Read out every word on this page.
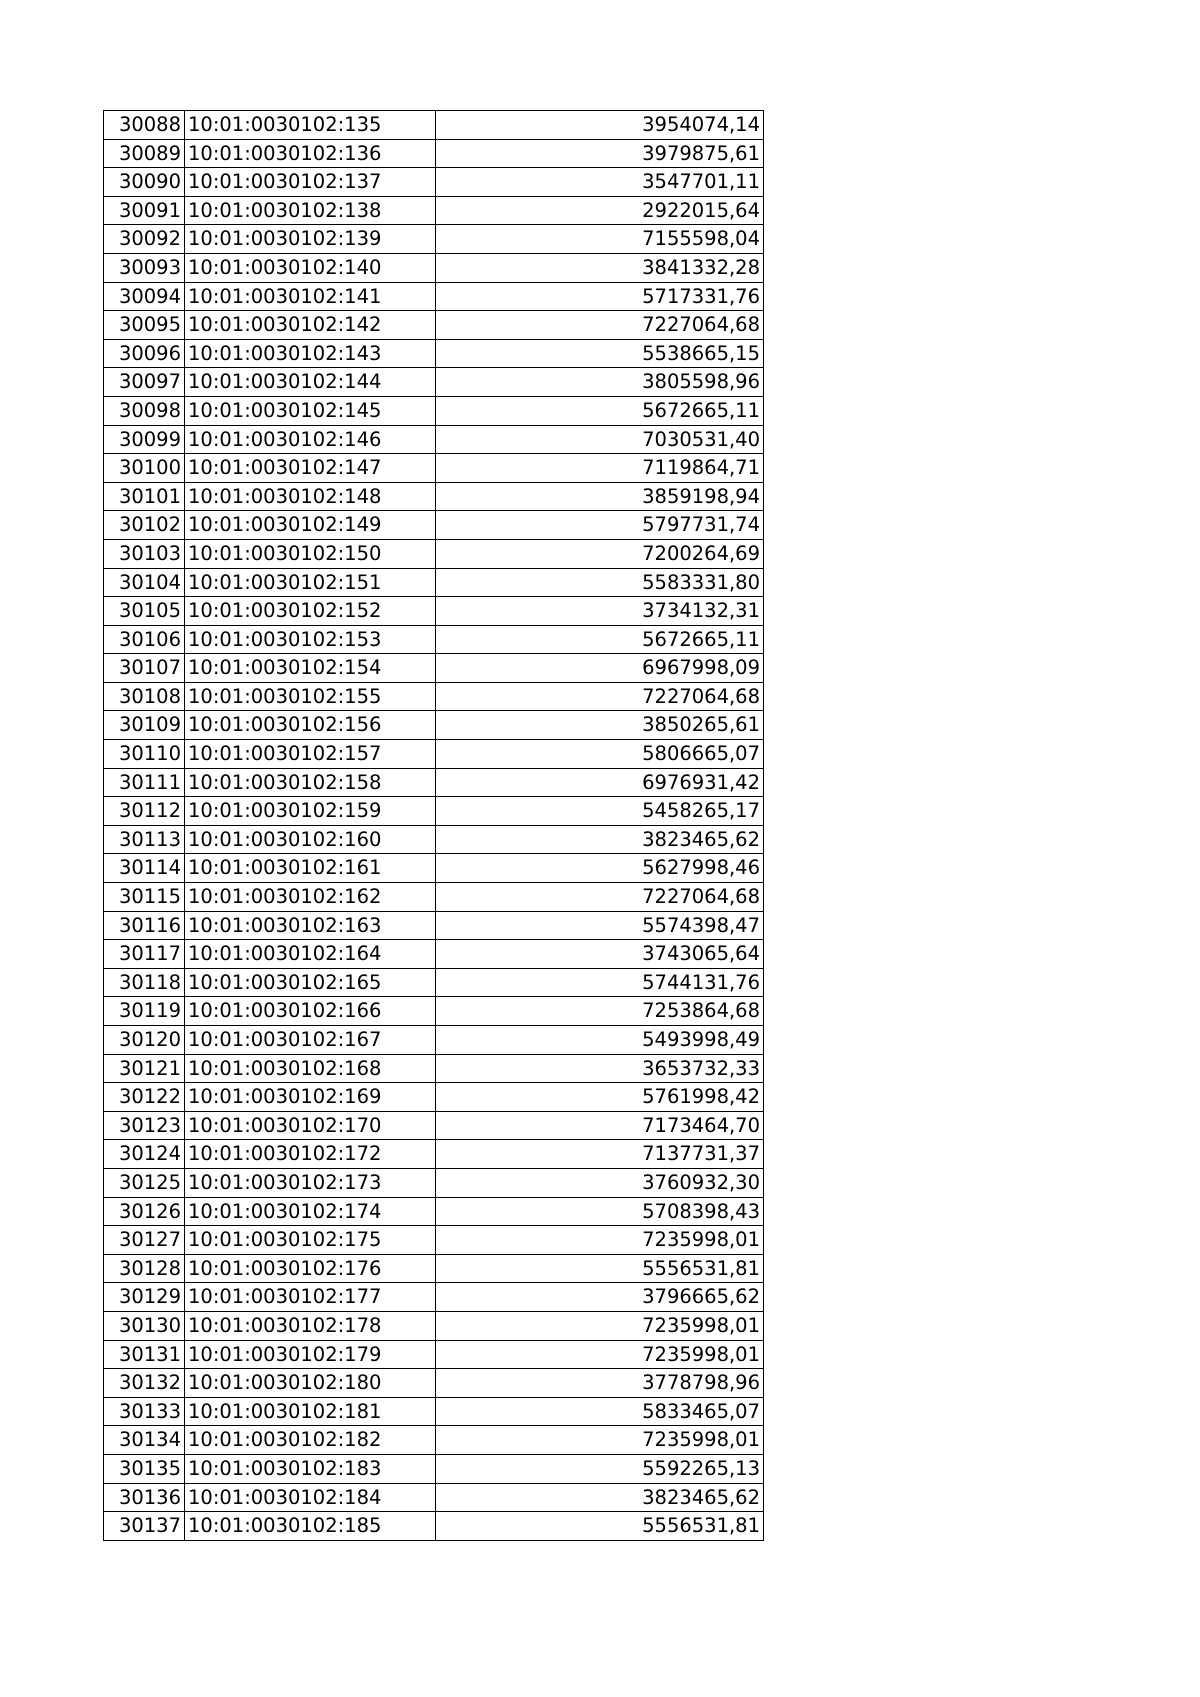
30088	10:01:0030102:135	3954074,14
30089	10:01:0030102:136	3979875,61
30090	10:01:0030102:137	3547701,11
30091	10:01:0030102:138	2922015,64
30092	10:01:0030102:139	7155598,04
30093	10:01:0030102:140	3841332,28
30094	10:01:0030102:141	5717331,76
30095	10:01:0030102:142	7227064,68
30096	10:01:0030102:143	5538665,15
30097	10:01:0030102:144	3805598,96
30098	10:01:0030102:145	5672665,11
30099	10:01:0030102:146	7030531,40
30100	10:01:0030102:147	7119864,71
30101	10:01:0030102:148	3859198,94
30102	10:01:0030102:149	5797731,74
30103	10:01:0030102:150	7200264,69
30104	10:01:0030102:151	5583331,80
30105	10:01:0030102:152	3734132,31
30106	10:01:0030102:153	5672665,11
30107	10:01:0030102:154	6967998,09
30108	10:01:0030102:155	7227064,68
30109	10:01:0030102:156	3850265,61
30110	10:01:0030102:157	5806665,07
30111	10:01:0030102:158	6976931,42
30112	10:01:0030102:159	5458265,17
30113	10:01:0030102:160	3823465,62
30114	10:01:0030102:161	5627998,46
30115	10:01:0030102:162	7227064,68
30116	10:01:0030102:163	5574398,47
30117	10:01:0030102:164	3743065,64
30118	10:01:0030102:165	5744131,76
30119	10:01:0030102:166	7253864,68
30120	10:01:0030102:167	5493998,49
30121	10:01:0030102:168	3653732,33
30122	10:01:0030102:169	5761998,42
30123	10:01:0030102:170	7173464,70
30124	10:01:0030102:172	7137731,37
30125	10:01:0030102:173	3760932,30
30126	10:01:0030102:174	5708398,43
30127	10:01:0030102:175	7235998,01
30128	10:01:0030102:176	5556531,81
30129	10:01:0030102:177	3796665,62
30130	10:01:0030102:178	7235998,01
30131	10:01:0030102:179	7235998,01
30132	10:01:0030102:180	3778798,96
30133	10:01:0030102:181	5833465,07
30134	10:01:0030102:182	7235998,01
30135	10:01:0030102:183	5592265,13
30136	10:01:0030102:184	3823465,62
30137	10:01:0030102:185	5556531,81
